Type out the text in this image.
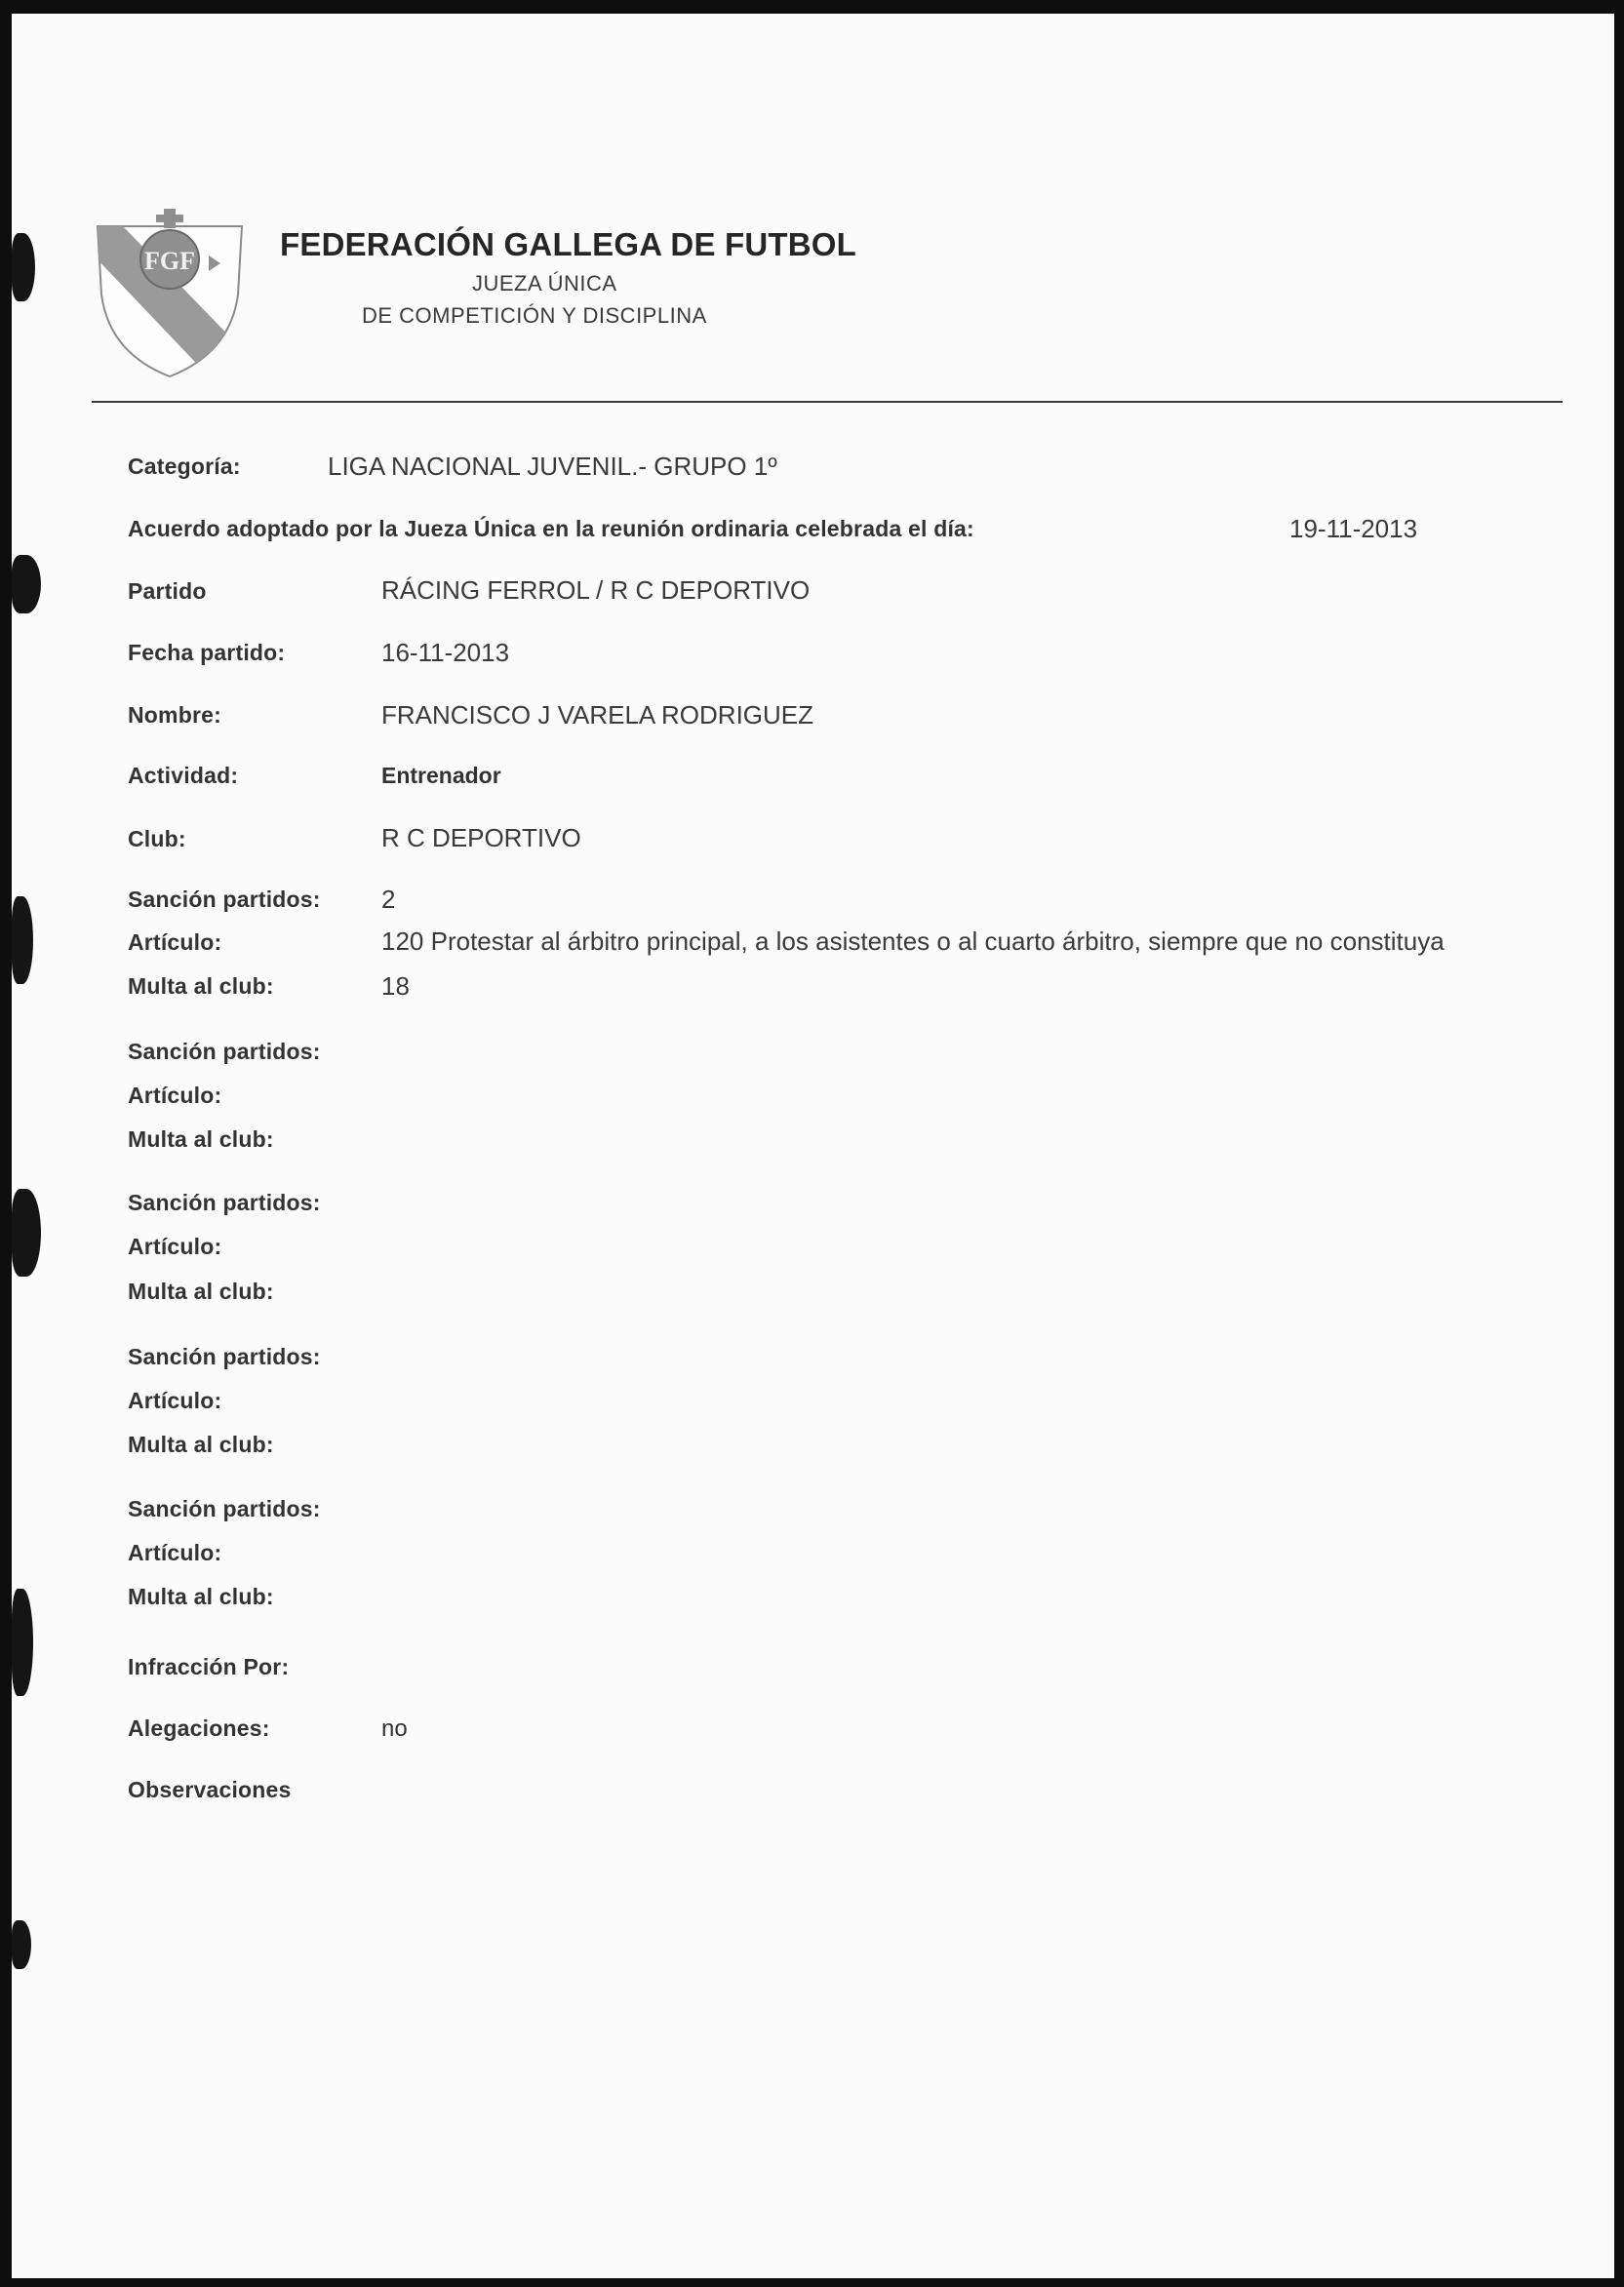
FGF	FEDERACIÓN GALLEGA DE FUTBOL
JUEZA ÚNICA
DE COMPETICIÓN Y DISCIPLINA
Categoría:	LIGA NACIONAL JUVENIL.- GRUPO 1º
Acuerdo adoptado por la Jueza Única en la reunión ordinaria celebrada el día:	19-11-2013
Partido	RÁCING FERROL / R C DEPORTIVO
Fecha partido:	16-11-2013
Nombre:	FRANCISCO J VARELA RODRIGUEZ
Actividad:	Entrenador
Club:	R C DEPORTIVO
Sanción partidos: 2
Artículo:	120 Protestar al árbitro principal, a los asistentes o al cuarto árbitro, siempre que no constituya
Multa al club:	18
Sanción partidos:
Artículo:
Multa al club:
Sanción partidos:
Artículo:
Multa al club:
Sanción partidos:
Artículo:
Multa al club:
Sanción partidos:
Artículo:
Multa al club:
Infracción Por:
Alegaciones:	no
Observaciones
